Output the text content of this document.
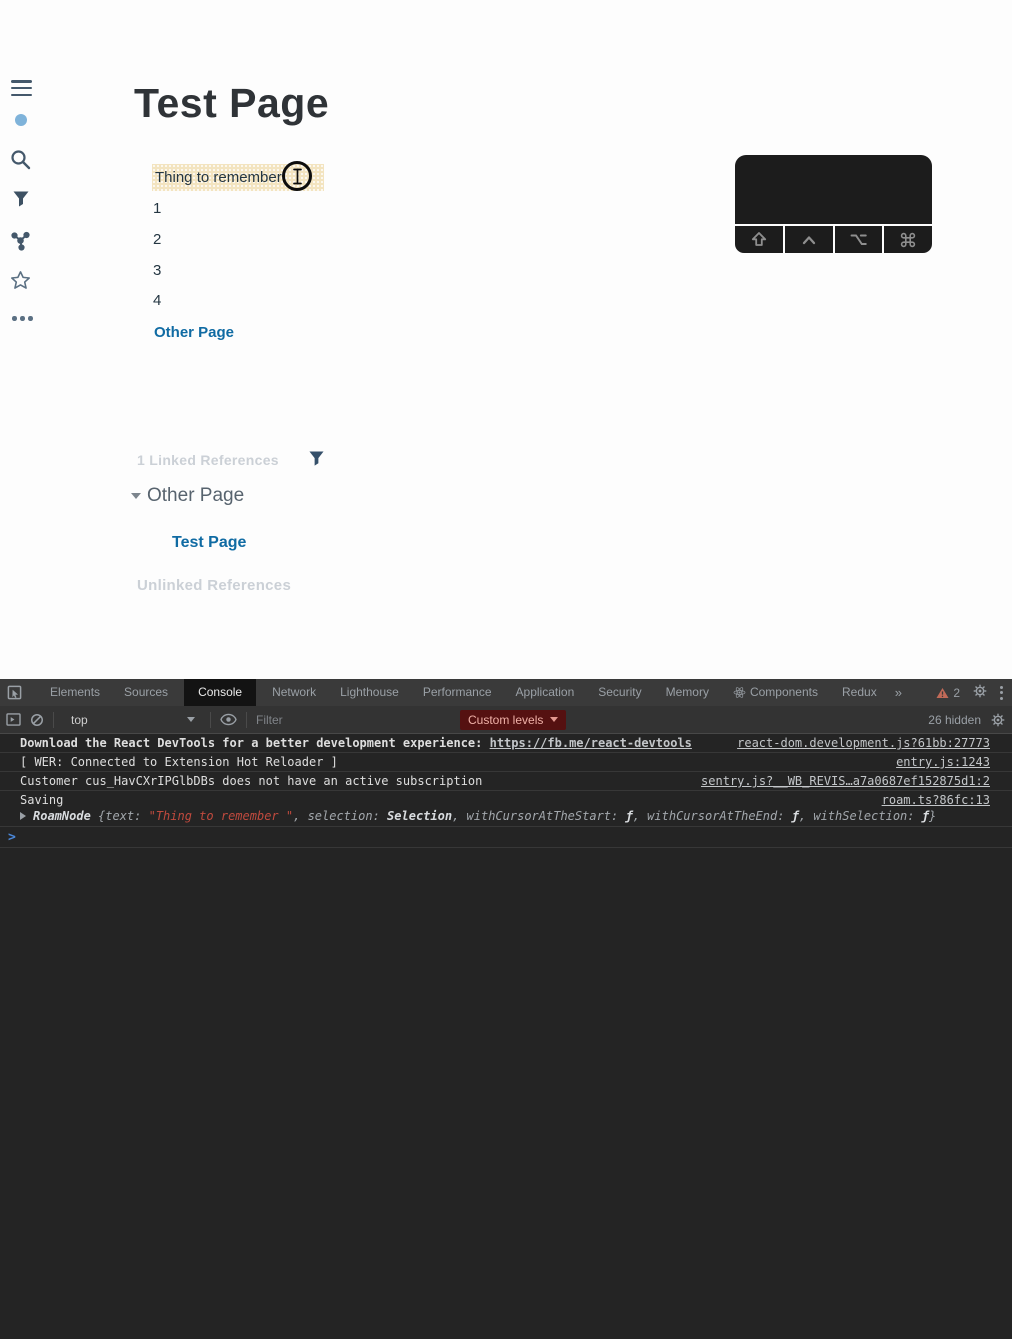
Test Page
Thing to remember
1
2
3
4
Other Page
1 Linked References
Other Page
Test Page
Unlinked References
Elements	Sources	Console	Network	Lighthouse	Performance	Application	Security	Memory	Components	Redux	»	2
top
Filter	Custom levels	26 hidden
Download the React DevTools for a better development experience: https://fb.me/react-devtools	react-dom.development.js?61bb:27773
[ WER: Connected to Extension Hot Reloader ]	entry.js:1243
Customer cus_HavCXrIPGlbDBs does not have an active subscription	sentry.js?__WB_REVIS…a7a0687ef152875d1:2
Saving	roam.ts?86fc:13
RoamNode {text: "Thing to remember ", selection: Selection, withCursorAtTheStart: ƒ, withCursorAtTheEnd: ƒ, withSelection: ƒ}
>
